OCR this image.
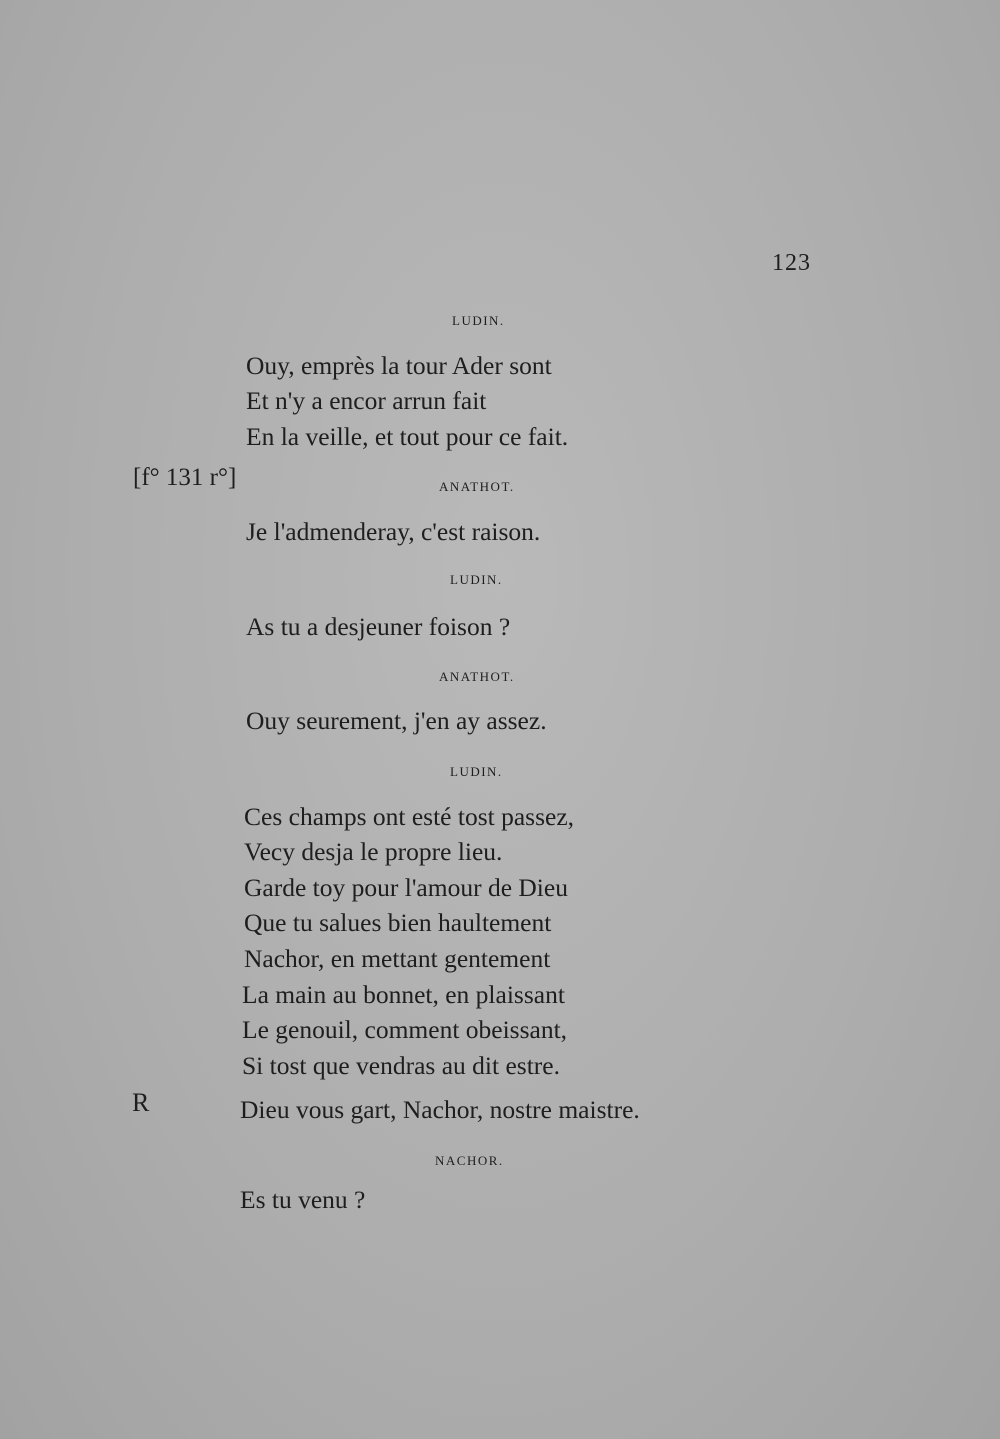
123
LUDIN.
Ouy, emprès la tour Ader sont
Et n'y a encor arrun fait
En la veille, et tout pour ce fait.
[f° 131 r°]	ANATHOT.
Je l'admenderay, c'est raison.
LUDIN.
As tu a desjeuner foison ?
ANATHOT.
Ouy seurement, j'en ay assez.
LUDIN.
Ces champs ont esté tost passez,
Vecy desja le propre lieu.
Garde toy pour l'amour de Dieu
Que tu salues bien haultement
Nachor, en mettant gentement
La main au bonnet, en plaissant
Le genouil, comment obeissant,
Si tost que vendras au dit estre.
R	Dieu vous gart, Nachor, nostre maistre.
NACHOR.
Es tu venu ?
